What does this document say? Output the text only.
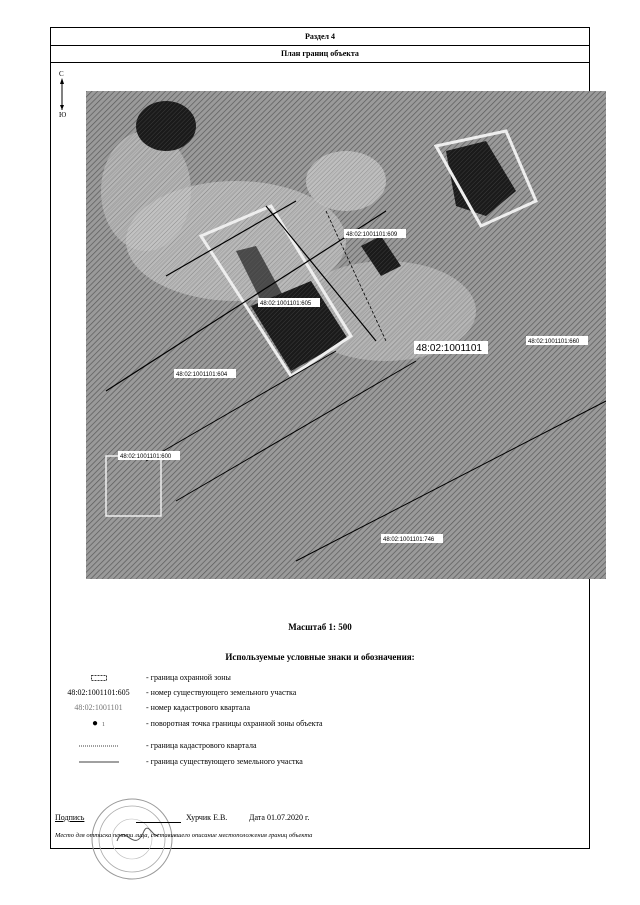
Раздел 4
План границ объекта
С
Ю
48:02:1001101:609
48:02:1001101:605
48:02:1001101
48:02:1001101:660
48:02:1001101:604
48:02:1001101:600
48:02:1001101:746
Масштаб 1: 500
Используемые условные знаки и обозначения:
- граница охранной зоны
48:02:1001101:605	- номер существующего земельного участка
48:02:1001101	- номер кадастрового квартала
● 1	- поворотная точка границы охранной зоны объекта
- граница кадастрового квартала
- граница существующего земельного участка
Подпись	Хурчик Е.В.	Дата 01.07.2020 г.
Место для оттиска печати лица, составившего описание местоположения границ объекта
